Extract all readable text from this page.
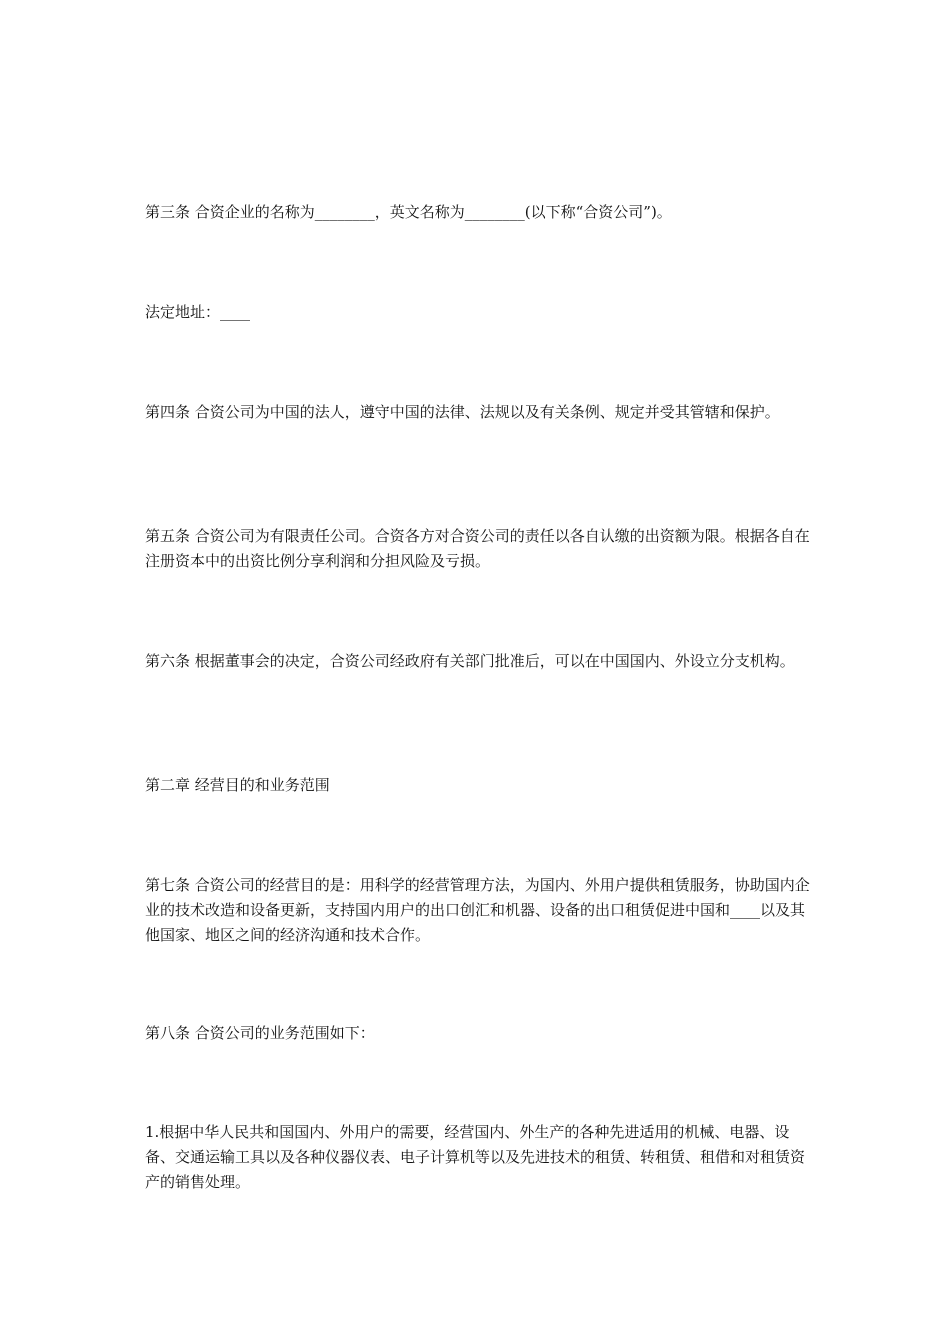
第三条 合资企业的名称为________，英文名称为________(以下称“合资公司”)。

法定地址：____

第四条 合资公司为中国的法人，遵守中国的法律、法规以及有关条例、规定并受其管辖和保护。

第五条 合资公司为有限责任公司。合资各方对合资公司的责任以各自认缴的出资额为限。根据各自在注册资本中的出资比例分享利润和分担风险及亏损。

第六条 根据董事会的决定，合资公司经政府有关部门批准后，可以在中国国内、外设立分支机构。

第二章 经营目的和业务范围

第七条 合资公司的经营目的是：用科学的经营管理方法，为国内、外用户提供租赁服务，协助国内企业的技术改造和设备更新，支持国内用户的出口创汇和机器、设备的出口租赁促进中国和____以及其他国家、地区之间的经济沟通和技术合作。

第八条 合资公司的业务范围如下：

1.根据中华人民共和国国内、外用户的需要，经营国内、外生产的各种先进适用的机械、电器、设备、交通运输工具以及各种仪器仪表、电子计算机等以及先进技术的租赁、转租赁、租借和对租赁资产的销售处理。
